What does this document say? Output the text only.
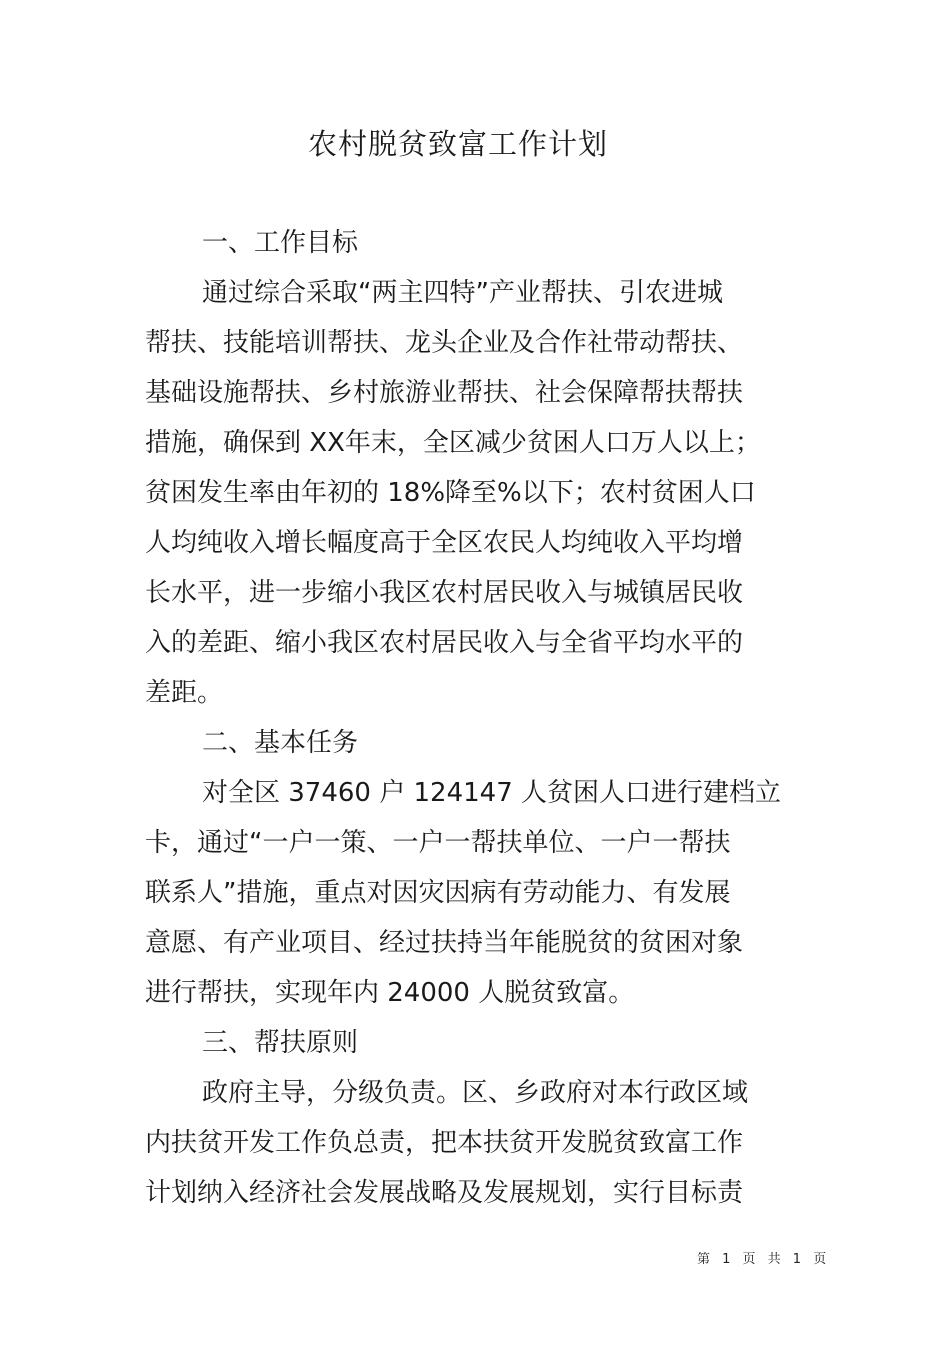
农村脱贫致富工作计划
一、工作目标
通过综合采取“两主四特”产业帮扶、引农进城
帮扶、技能培训帮扶、龙头企业及合作社带动帮扶、
基础设施帮扶、乡村旅游业帮扶、社会保障帮扶帮扶
措施，确保到 XX年末，全区减少贫困人口万人以上；
贫困发生率由年初的 18%降至%以下；农村贫困人口
人均纯收入增长幅度高于全区农民人均纯收入平均增
长水平，进一步缩小我区农村居民收入与城镇居民收
入的差距、缩小我区农村居民收入与全省平均水平的
差距。
二、基本任务
对全区 37460 户 124147 人贫困人口进行建档立
卡，通过“一户一策、一户一帮扶单位、一户一帮扶
联系人”措施，重点对因灾因病有劳动能力、有发展
意愿、有产业项目、经过扶持当年能脱贫的贫困对象
进行帮扶，实现年内 24000 人脱贫致富。
三、帮扶原则
政府主导，分级负责。区、乡政府对本行政区域
内扶贫开发工作负总责，把本扶贫开发脱贫致富工作
计划纳入经济社会发展战略及发展规划，实行目标责
第 1 页 共 1 页
